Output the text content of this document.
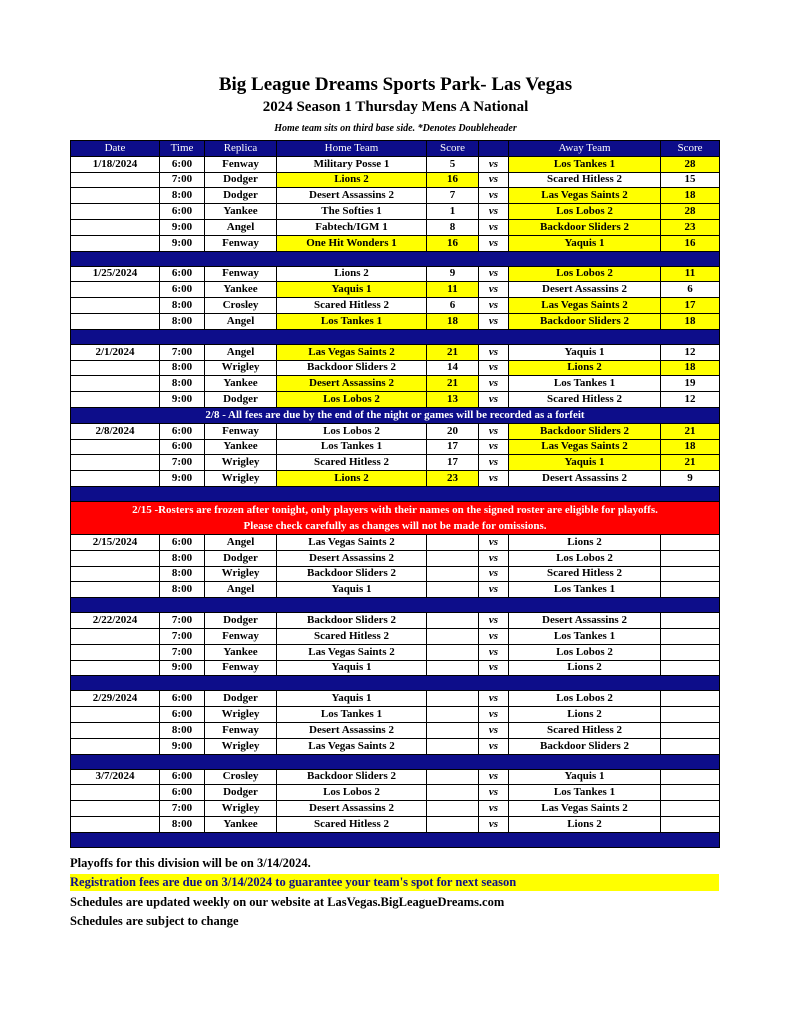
Big League Dreams Sports Park- Las Vegas
2024 Season 1 Thursday Mens A National
Home team sits on third base side. *Denotes Doubleheader
Date	Time	Replica	Home Team	Score		Away Team	Score
1/18/2024	6:00	Fenway	Military Posse 1	5	vs	Los Tankes 1	28
	7:00	Dodger	Lions 2	16	vs	Scared Hitless 2	15
	8:00	Dodger	Desert Assassins 2	7	vs	Las Vegas Saints 2	18
	6:00	Yankee	The Softies 1	1	vs	Los Lobos 2	28
	9:00	Angel	Fabtech/IGM 1	8	vs	Backdoor Sliders 2	23
	9:00	Fenway	One Hit Wonders 1	16	vs	Yaquis 1	16

1/25/2024	6:00	Fenway	Lions 2	9	vs	Los Lobos 2	11
	6:00	Yankee	Yaquis 1	11	vs	Desert Assassins 2	6
	8:00	Crosley	Scared Hitless 2	6	vs	Las Vegas Saints 2	17
	8:00	Angel	Los Tankes 1	18	vs	Backdoor Sliders 2	18

2/1/2024	7:00	Angel	Las Vegas Saints 2	21	vs	Yaquis 1	12
	8:00	Wrigley	Backdoor Sliders 2	14	vs	Lions 2	18
	8:00	Yankee	Desert Assassins 2	21	vs	Los Tankes 1	19
	9:00	Dodger	Los Lobos 2	13	vs	Scared Hitless 2	12
2/8 - All fees are due by the end of the night or games will be recorded as a forfeit							
2/8/2024	6:00	Fenway	Los Lobos 2	20	vs	Backdoor Sliders 2	21
	6:00	Yankee	Los Tankes 1	17	vs	Las Vegas Saints 2	18
	7:00	Wrigley	Scared Hitless 2	17	vs	Yaquis 1	21
	9:00	Wrigley	Lions 2	23	vs	Desert Assassins 2	9

2/15 -Rosters are frozen after tonight, only players with their names on the signed roster are eligible for playoffs.
Please check carefully as changes will not be made for omissions.							

2/15/2024	6:00	Angel	Las Vegas Saints 2		vs	Lions 2	
	8:00	Dodger	Desert Assassins 2		vs	Los Lobos 2	
	8:00	Wrigley	Backdoor Sliders 2		vs	Scared Hitless 2	
	8:00	Angel	Yaquis 1		vs	Los Tankes 1	

2/22/2024	7:00	Dodger	Backdoor Sliders 2		vs	Desert Assassins 2	
	7:00	Fenway	Scared Hitless 2		vs	Los Tankes 1	
	7:00	Yankee	Las Vegas Saints 2		vs	Los Lobos 2	
	9:00	Fenway	Yaquis 1		vs	Lions 2	

2/29/2024	6:00	Dodger	Yaquis 1		vs	Los Lobos 2	
	6:00	Wrigley	Los Tankes 1		vs	Lions 2	
	8:00	Fenway	Desert Assassins 2		vs	Scared Hitless 2	
	9:00	Wrigley	Las Vegas Saints 2		vs	Backdoor Sliders 2	

3/7/2024	6:00	Crosley	Backdoor Sliders 2		vs	Yaquis 1	
	6:00	Dodger	Los Lobos 2		vs	Los Tankes 1	
	7:00	Wrigley	Desert Assassins 2		vs	Las Vegas Saints 2	
	8:00	Yankee	Scared Hitless 2		vs	Lions 2	

Playoffs for this division will be on 3/14/2024.
Registration fees are due on 3/14/2024 to guarantee your team's spot for next season
Schedules are updated weekly on our website at LasVegas.BigLeagueDreams.com
Schedules are subject to change
